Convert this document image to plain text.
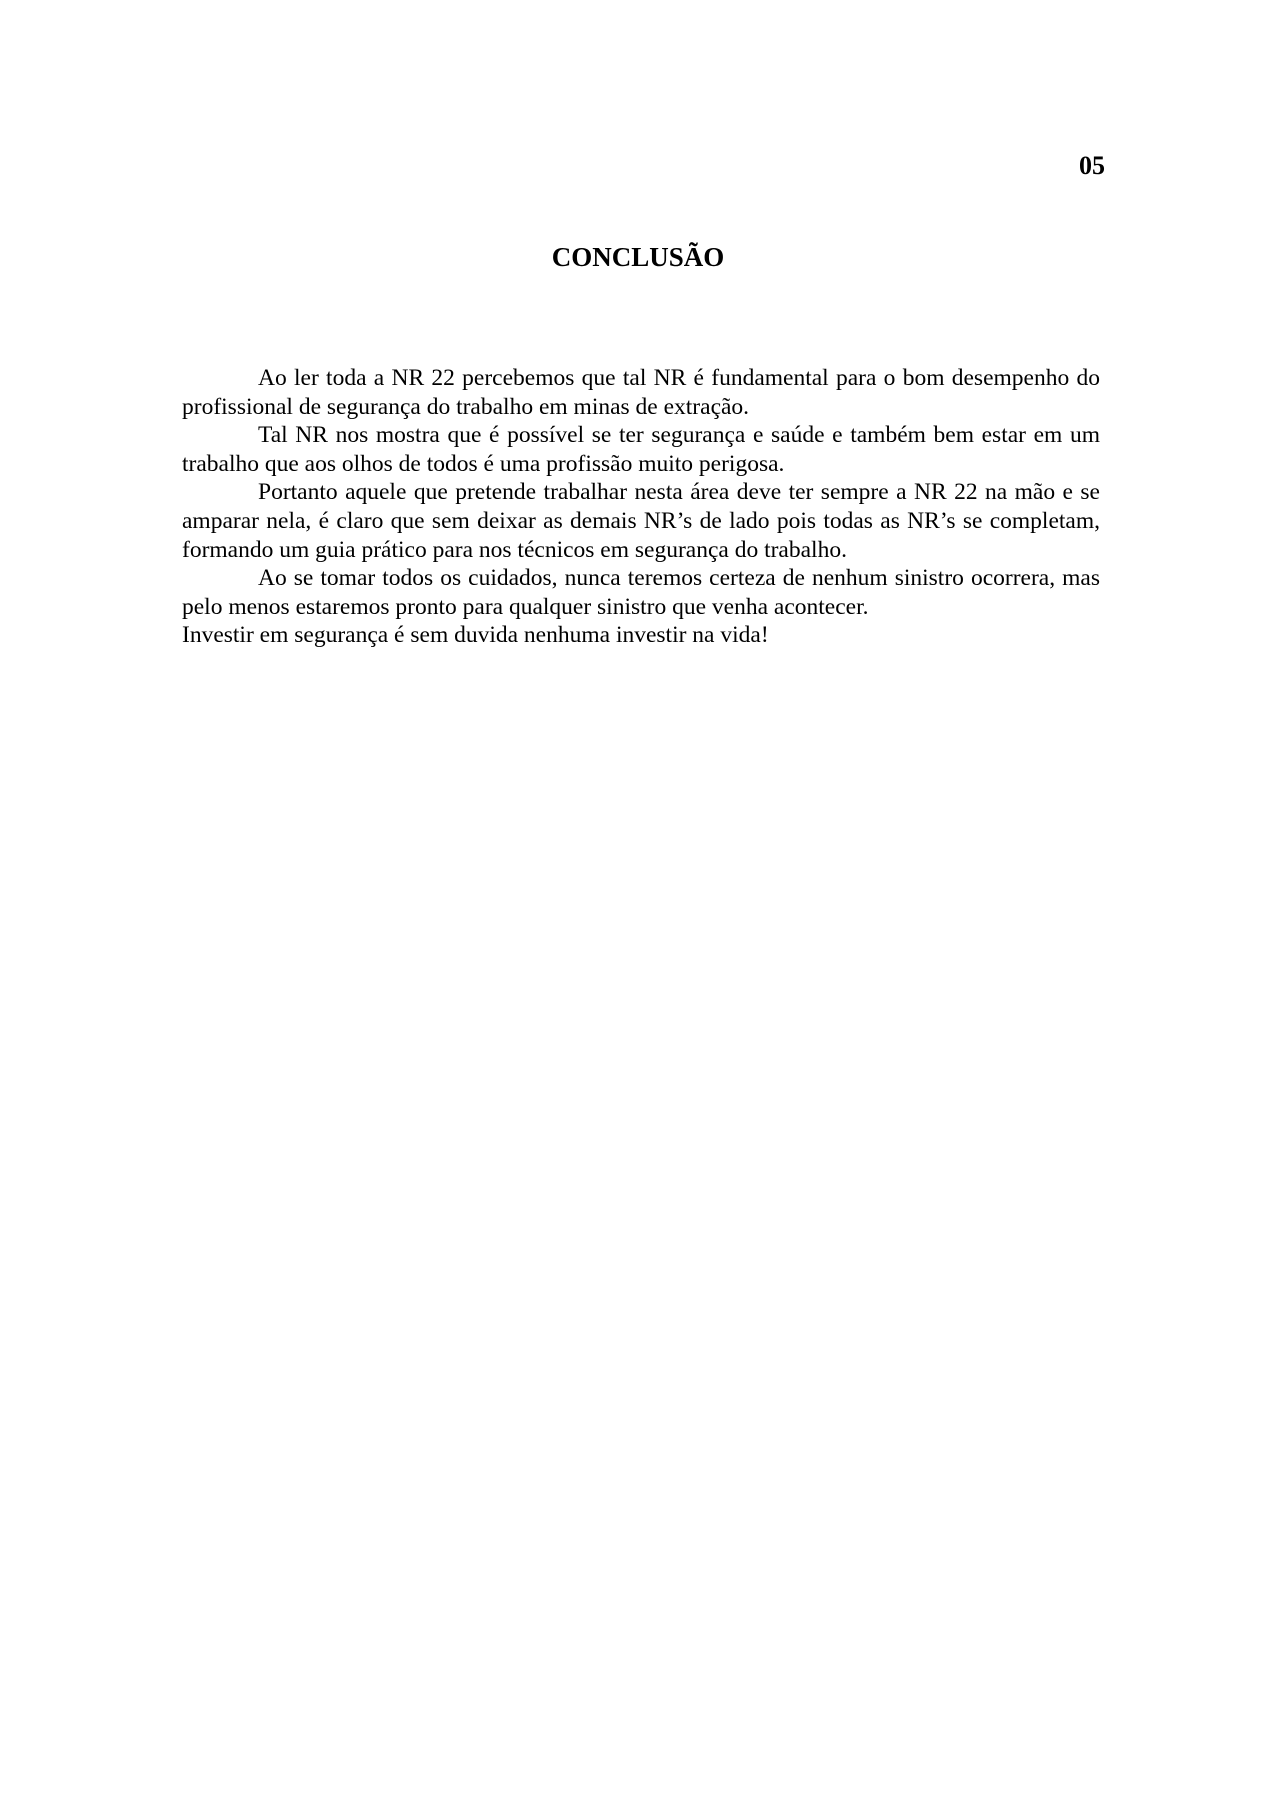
05
CONCLUSÃO

Ao ler toda a NR 22 percebemos que tal NR é fundamental para o bom desempenho do profissional de segurança do trabalho em minas de extração.

Tal NR nos mostra que é possível se ter segurança e saúde e também bem estar em um trabalho que aos olhos de todos é uma profissão muito perigosa.

Portanto aquele que pretende trabalhar nesta área deve ter sempre a NR 22 na mão e se amparar nela, é claro que sem deixar as demais NR’s de lado pois todas as NR’s se completam, formando um guia prático para nos técnicos em segurança do trabalho.

Ao se tomar todos os cuidados, nunca teremos certeza de nenhum sinistro ocorrera, mas pelo menos estaremos pronto para qualquer sinistro que venha acontecer.

Investir em segurança é sem duvida nenhuma investir na vida!
